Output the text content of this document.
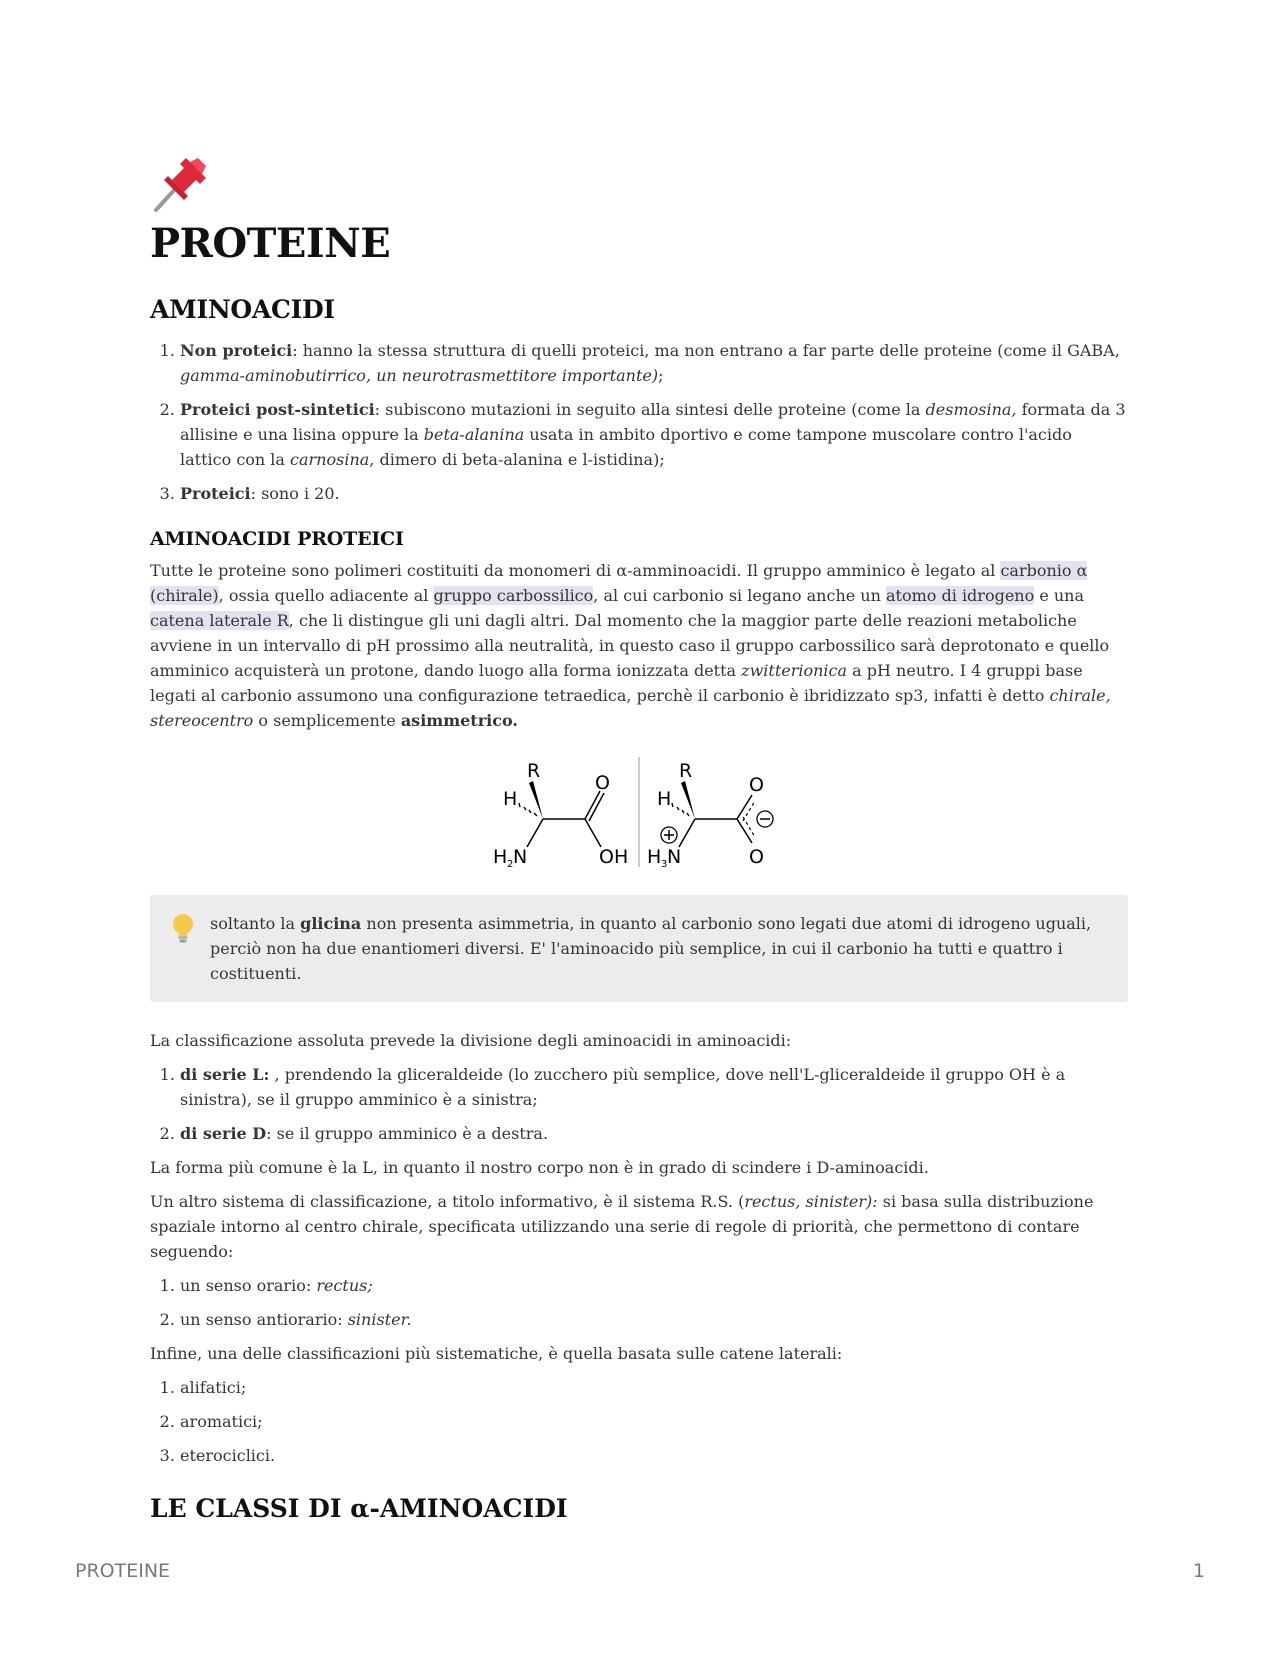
PROTEINE
AMINOACIDI
1. Non proteici: hanno la stessa struttura di quelli proteici, ma non entrano a far parte delle proteine (come il GABA, gamma-aminobutirrico, un neurotrasmettitore importante);
2. Proteici post-sintetici: subiscono mutazioni in seguito alla sintesi delle proteine (come la desmosina, formata da 3 allisine e una lisina oppure la beta-alanina usata in ambito dportivo e come tampone muscolare contro l'acido lattico con la carnosina, dimero di beta-alanina e l-istidina);
3. Proteici: sono i 20.
AMINOACIDI PROTEICI

Tutte le proteine sono polimeri costituiti da monomeri di α-amminoacidi. Il gruppo amminico è legato al carbonio α (chirale), ossia quello adiacente al gruppo carbossilico, al cui carbonio si legano anche un atomo di idrogeno e una catena laterale R, che li distingue gli uni dagli altri. Dal momento che la maggior parte delle reazioni metaboliche avviene in un intervallo di pH prossimo alla neutralità, in questo caso il gruppo carbossilico sarà deprotonato e quello amminico acquisterà un protone, dando luogo alla forma ionizzata detta zwitterionica a pH neutro. I 4 gruppi base legati al carbonio assumono una configurazione tetraedica, perchè il carbonio è ibridizzato sp3, infatti è detto chirale, stereocentro o semplicemente asimmetrico.

R
H
O
OH
H 2 N
R
H
O
O
H 3 N

soltanto la glicina non presenta asimmetria, in quanto al carbonio sono legati due atomi di idrogeno uguali, perciò non ha due enantiomeri diversi. E' l'aminoacido più semplice, in cui il carbonio ha tutti e quattro i costituenti.

La classificazione assoluta prevede la divisione degli aminoacidi in aminoacidi:

1. di serie L: , prendendo la gliceraldeide (lo zucchero più semplice, dove nell'L-gliceraldeide il gruppo OH è a sinistra), se il gruppo amminico è a sinistra;
2. di serie D: se il gruppo amminico è a destra.

La forma più comune è la L, in quanto il nostro corpo non è in grado di scindere i D-aminoacidi.

Un altro sistema di classificazione, a titolo informativo, è il sistema R.S. (rectus, sinister): si basa sulla distribuzione spaziale intorno al centro chirale, specificata utilizzando una serie di regole di priorità, che permettono di contare seguendo:

1. un senso orario: rectus;
2. un senso antiorario: sinister.

Infine, una delle classificazioni più sistematiche, è quella basata sulle catene laterali:

1. alifatici;
2. aromatici;
3. eterociclici.
LE CLASSI DI α-AMINOACIDI
PROTEINE	1
